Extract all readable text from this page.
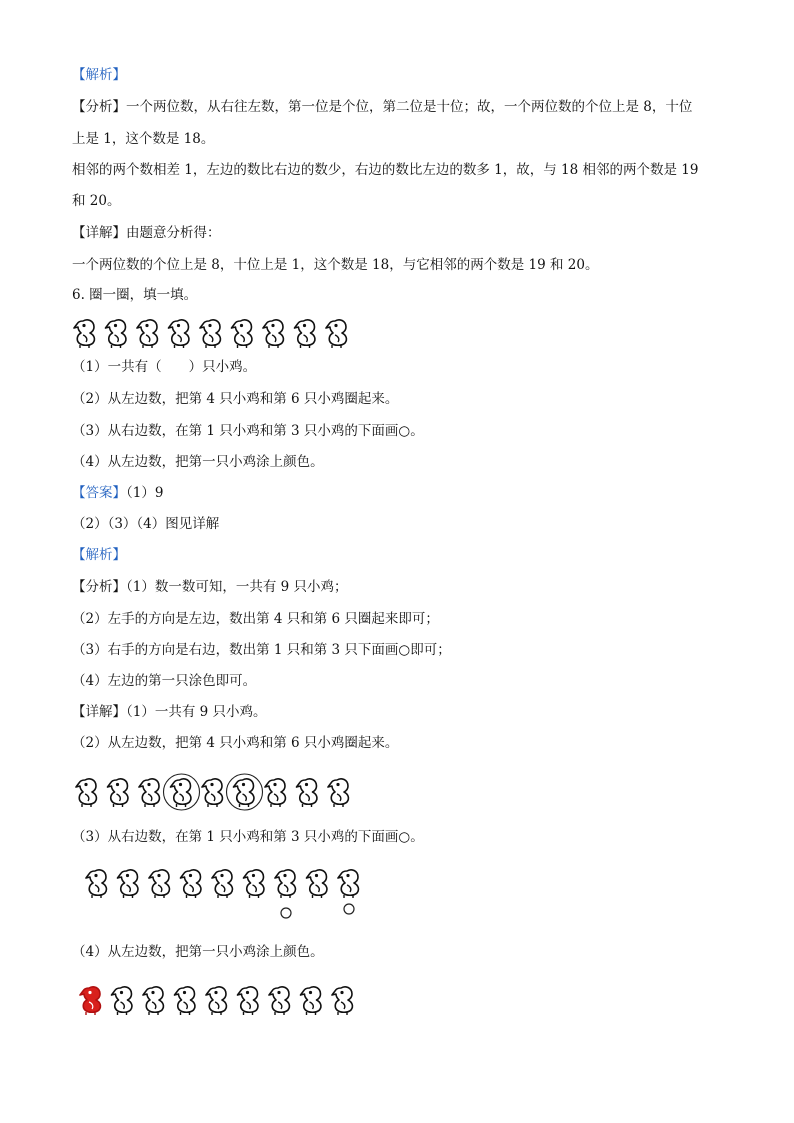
【解析】
【分析】一个两位数，从右往左数，第一位是个位，第二位是十位；故，一个两位数的个位上是 8，十位
上是 1，这个数是 18。
相邻的两个数相差 1，左边的数比右边的数少，右边的数比左边的数多 1，故，与 18 相邻的两个数是 19
和 20。
【详解】由题意分析得：
一个两位数的个位上是 8，十位上是 1，这个数是 18，与它相邻的两个数是 19 和 20。
6. 圈一圈，填一填。
（1）一共有（　　）只小鸡。
（2）从左边数，把第 4 只小鸡和第 6 只小鸡圈起来。
（3）从右边数，在第 1 只小鸡和第 3 只小鸡的下面画○。
（4）从左边数，把第一只小鸡涂上颜色。
【答案】（1）9
（2）（3）（4）图见详解
【解析】
【分析】（1）数一数可知，一共有 9 只小鸡；
（2）左手的方向是左边，数出第 4 只和第 6 只圈起来即可；
（3）右手的方向是右边，数出第 1 只和第 3 只下面画○即可；
（4）左边的第一只涂色即可。
【详解】（1）一共有 9 只小鸡。
（2）从左边数，把第 4 只小鸡和第 6 只小鸡圈起来。
（3）从右边数，在第 1 只小鸡和第 3 只小鸡的下面画○。
（4）从左边数，把第一只小鸡涂上颜色。
